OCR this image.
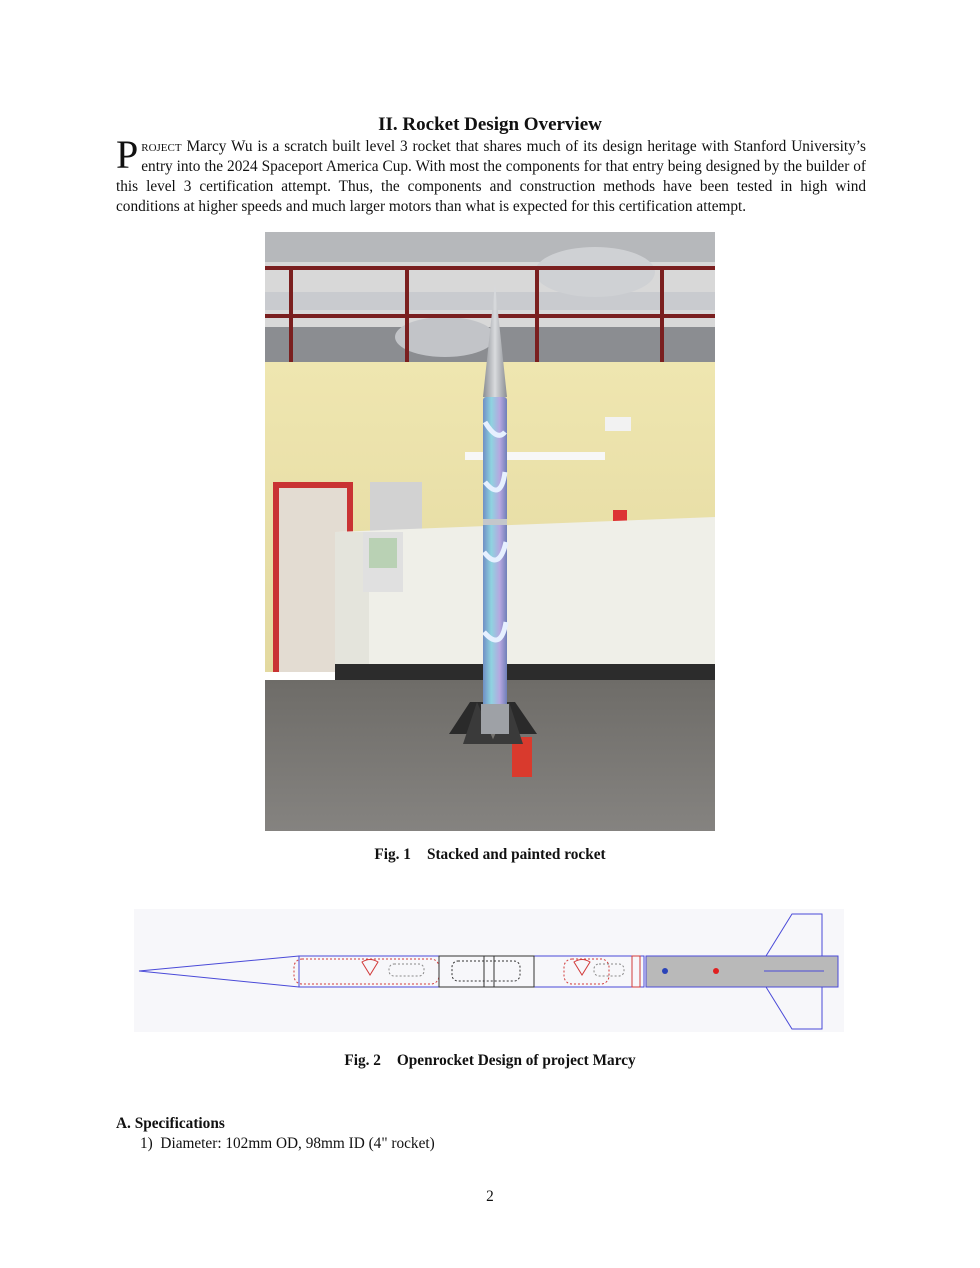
II. Rocket Design Overview
Project Marcy Wu is a scratch built level 3 rocket that shares much of its design heritage with Stanford University’s entry into the 2024 Spaceport America Cup. With most the components for that entry being designed by the builder of this level 3 certification attempt. Thus, the components and construction methods have been tested in high wind conditions at higher speeds and much larger motors than what is expected for this certification attempt.
Fig. 1 Stacked and painted rocket
Fig. 2 Openrocket Design of project Marcy
A. Specifications
1) Diameter: 102mm OD, 98mm ID (4" rocket)
2
